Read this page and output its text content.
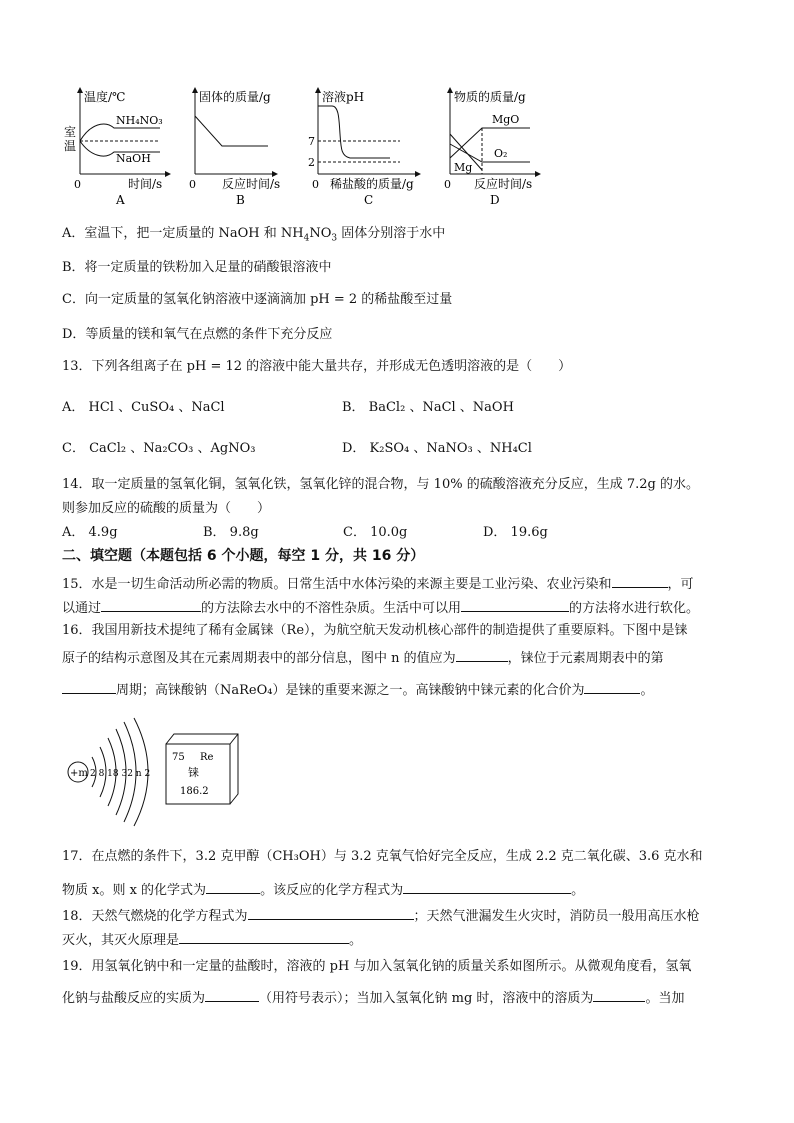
温度/℃
室
温
NH₄NO₃
NaOH
0	时间/s
A
固体的质量/g
0 反应时间/s
B
溶液pH
7
2
0 稀盐酸的质量/g
C
物质的质量/g
MgO
O₂
Mg
0 反应时间/s
D
A．室温下，把一定质量的 NaOH 和 $NH_4NO_3$ 固体分别溶于水中
B．将一定质量的铁粉加入足量的硝酸银溶液中
C．向一定质量的氢氧化钠溶液中逐滴滴加 pH = 2 的稀盐酸至过量
D．等质量的镁和氧气在点燃的条件下充分反应
13．下列各组离子在 pH = 12 的溶液中能大量共存，并形成无色透明溶液的是（　　）
A． HCl 、CuSO₄ 、NaCl	B． BaCl₂ 、NaCl 、NaOH
C． CaCl₂ 、Na₂CO₃ 、AgNO₃	D． K₂SO₄ 、NaNO₃ 、NH₄Cl
14．取一定质量的氢氧化铜，氢氧化铁，氢氧化锌的混合物，与 10% 的硫酸溶液充分反应，生成 7.2g 的水。
则参加反应的硫酸的质量为（　　）
A． 4.9g	B． 9.8g	C． 10.0g	D． 19.6g
二、填空题（本题包括 6 个小题，每空 1 分，共 16 分）
15．水是一切生命活动所必需的物质。日常生活中水体污染的来源主要是工业污染、农业污染和	，可
以通过	的方法除去水中的不溶性杂质。生活中可以用	的方法将水进行软化。
16．我国用新技术提纯了稀有金属铼（Re），为航空航天发动机核心部件的制造提供了重要原料。下图中是铼
原子的结构示意图及其在元素周期表中的部分信息，图中 n 的值应为	，铼位于元素周期表中的第
周期；高铼酸钠（NaReO₄）是铼的重要来源之一。高铼酸钠中铼元素的化合价为	。
+m 2 8 18 32 n 2
75 Re
铼
186.2
17．在点燃的条件下，3.2 克甲醇（CH₃OH）与 3.2 克氧气恰好完全反应，生成 2.2 克二氧化碳、3.6 克水和
物质 x。则 x 的化学式为	。该反应的化学方程式为	。
18．天然气燃烧的化学方程式为	；天然气泄漏发生火灾时，消防员一般用高压水枪
灭火，其灭火原理是	。
19．用氢氧化钠中和一定量的盐酸时，溶液的 pH 与加入氢氧化钠的质量关系如图所示。从微观角度看，氢氧
化钠与盐酸反应的实质为	（用符号表示）；当加入氢氧化钠 mg 时，溶液中的溶质为	。当加
